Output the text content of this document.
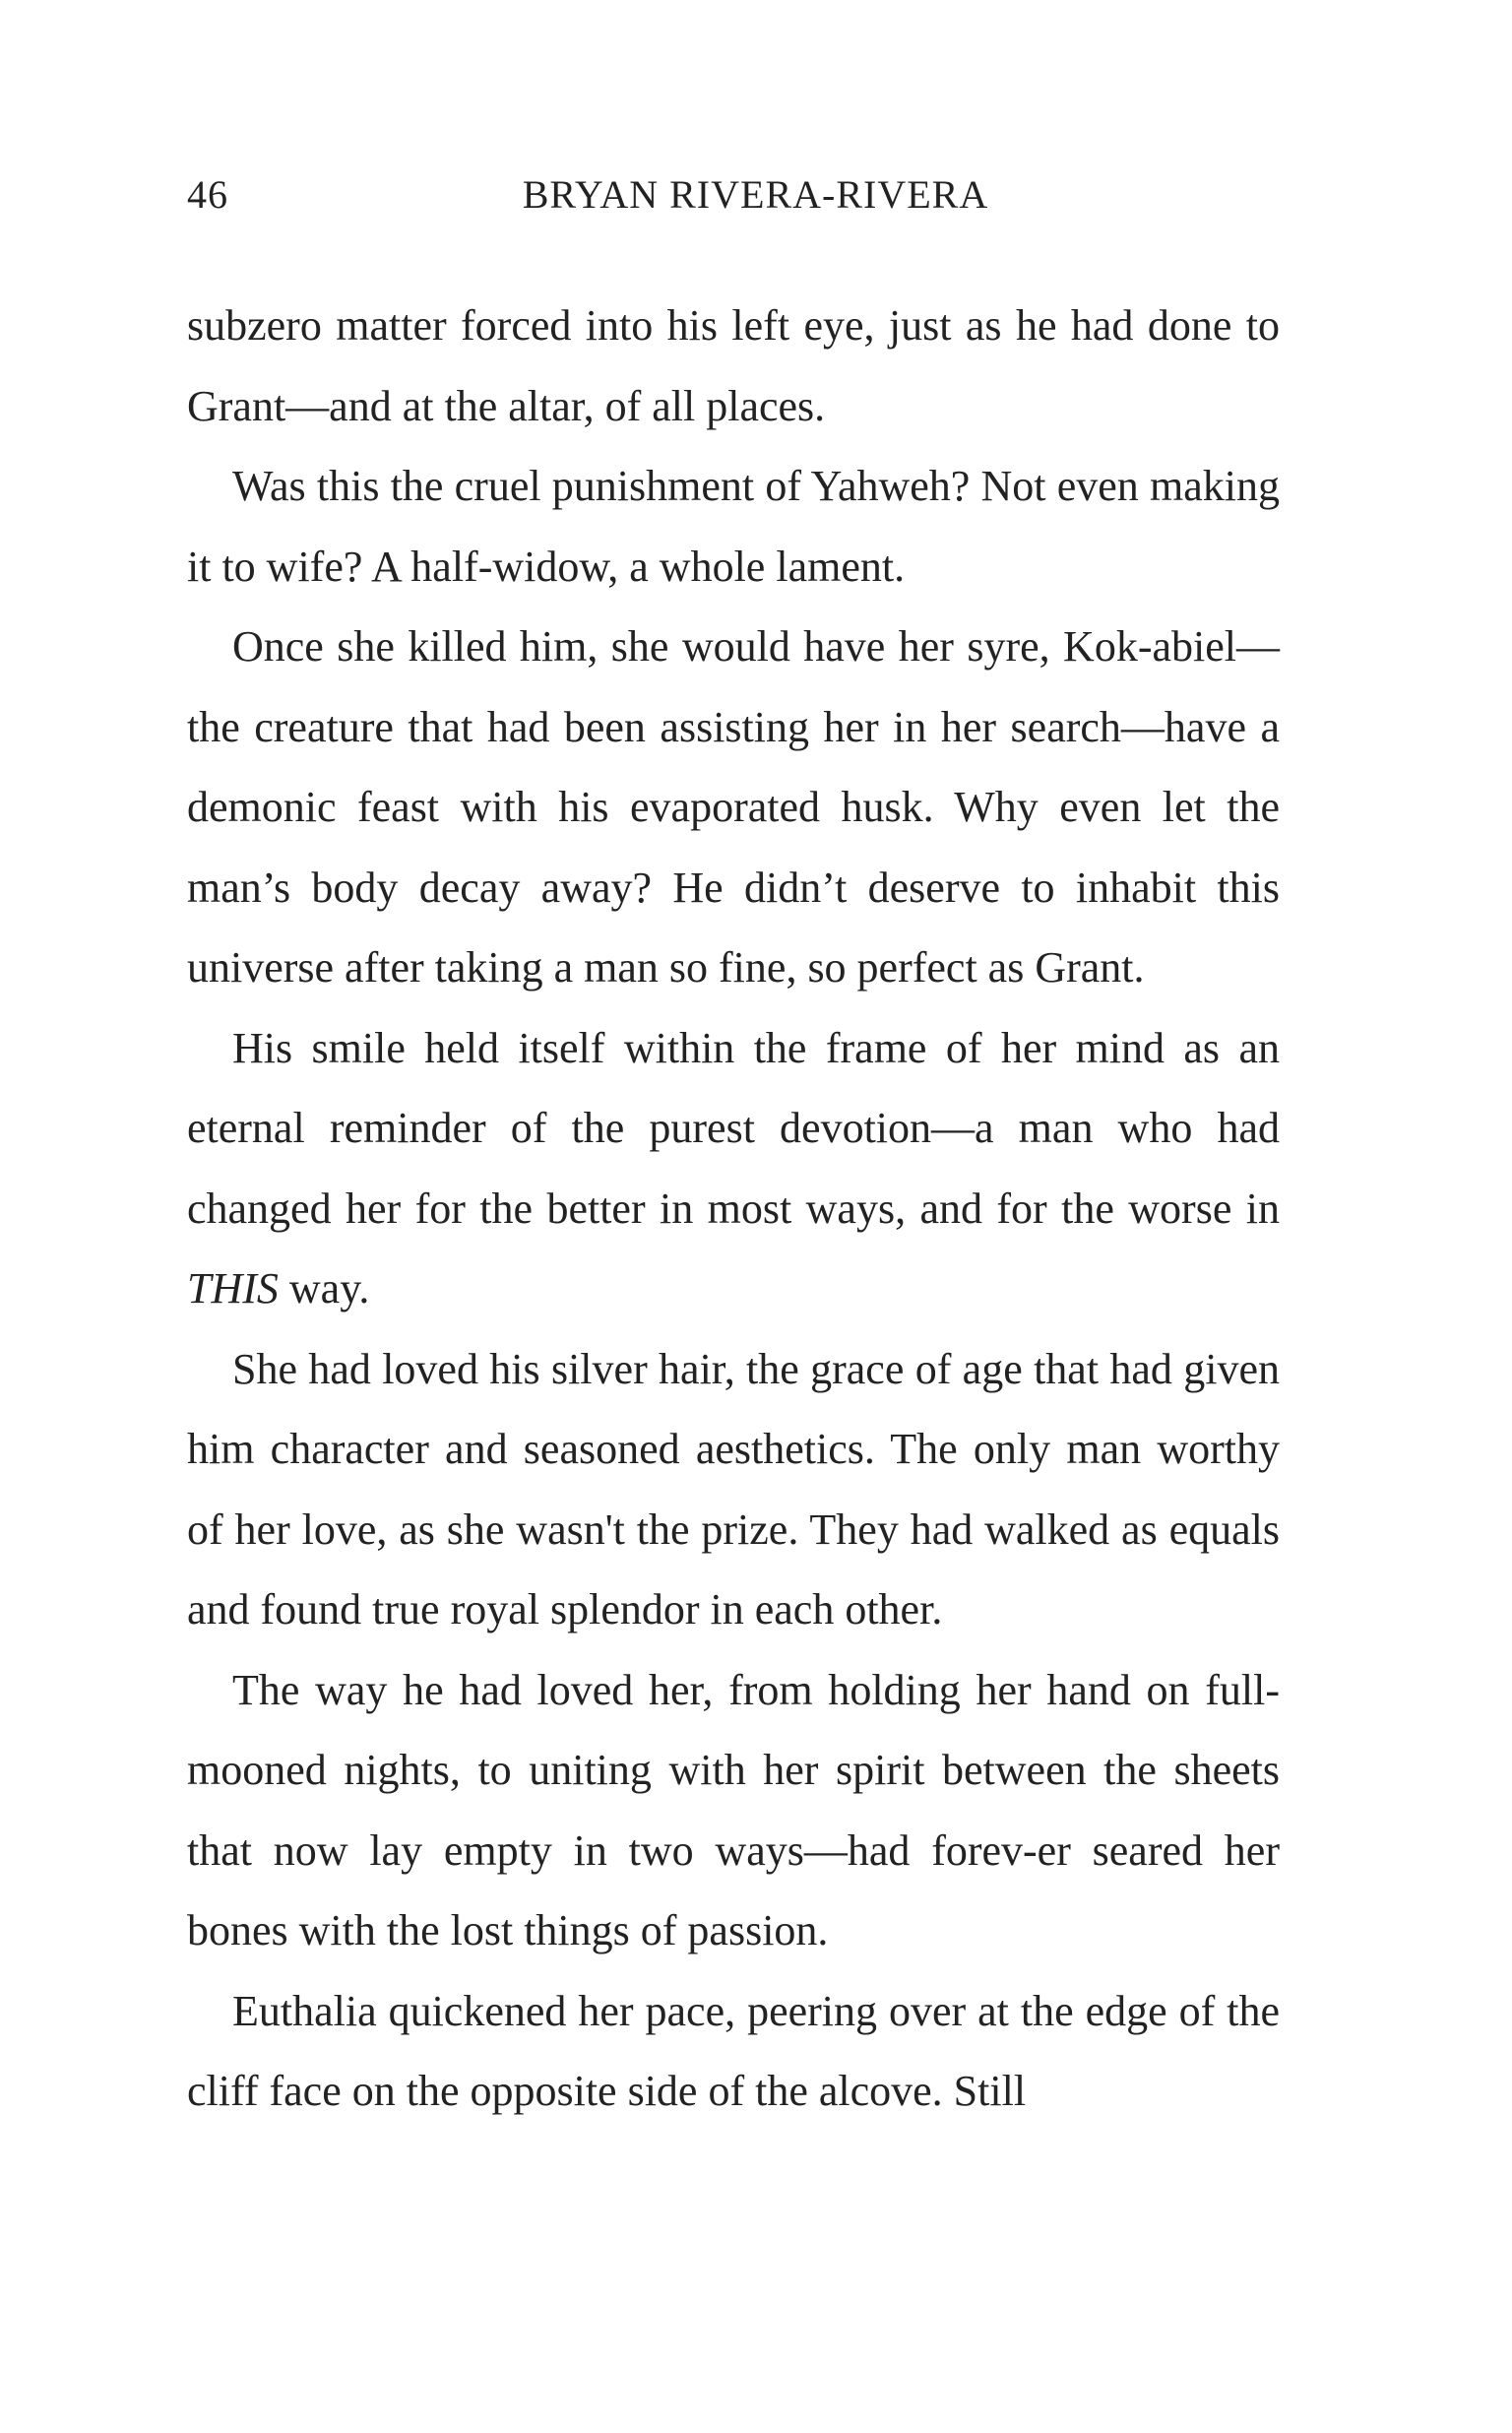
46	BRYAN RIVERA-RIVERA

subzero matter forced into his left eye, just as he had done to Grant—and at the altar, of all places.

Was this the cruel punishment of Yahweh? Not even making it to wife? A half-widow, a whole lament.

Once she killed him, she would have her syre, Kok-abiel—the creature that had been assisting her in her search—have a demonic feast with his evaporated husk. Why even let the man’s body decay away? He didn’t deserve to inhabit this universe after taking a man so fine, so perfect as Grant.

His smile held itself within the frame of her mind as an eternal reminder of the purest devotion—a man who had changed her for the better in most ways, and for the worse in THIS way.

She had loved his silver hair, the grace of age that had given him character and seasoned aesthetics. The only man worthy of her love, as she wasn't the prize. They had walked as equals and found true royal splendor in each other.

The way he had loved her, from holding her hand on full-mooned nights, to uniting with her spirit between the sheets that now lay empty in two ways—had forev-er seared her bones with the lost things of passion.

Euthalia quickened her pace, peering over at the edge of the cliff face on the opposite side of the alcove. Still
